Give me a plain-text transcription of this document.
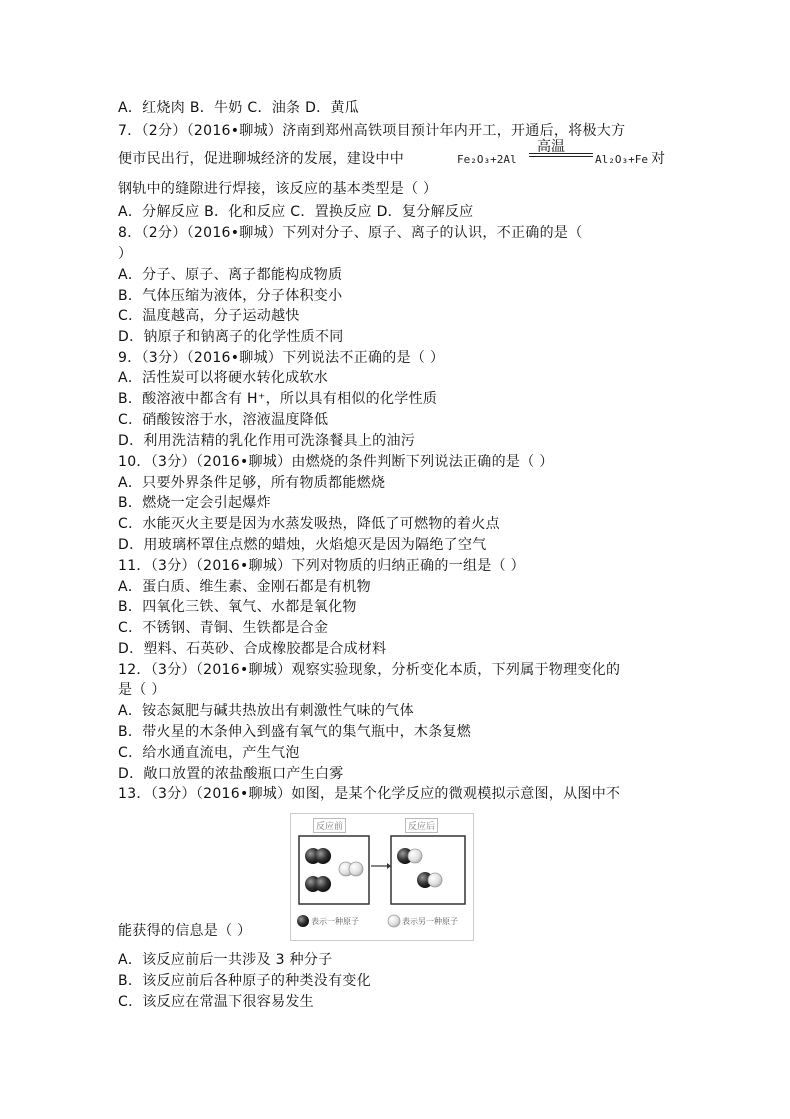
A．红烧肉 B．牛奶 C．油条 D．黄瓜
7．（2分）（2016•聊城）济南到郑州高铁项目预计年内开工，开通后，将极大方
便市民出行，促进聊城经济的发展，建设中中
钢轨中的缝隙进行焊接，该反应的基本类型是（ ）
A．分解反应 B．化和反应 C．置换反应 D．复分解反应
8．（2分）（2016•聊城）下列对分子、原子、离子的认识，不正确的是（
）
A．分子、原子、离子都能构成物质
B．气体压缩为液体，分子体积变小
C．温度越高，分子运动越快
D．钠原子和钠离子的化学性质不同
9．（3分）（2016•聊城）下列说法不正确的是（ ）
A．活性炭可以将硬水转化成软水
B．酸溶液中都含有 H⁺，所以具有相似的化学性质
C．硝酸铵溶于水，溶液温度降低
D．利用洗洁精的乳化作用可洗涤餐具上的油污
10．（3分）（2016•聊城）由燃烧的条件判断下列说法正确的是（ ）
A．只要外界条件足够，所有物质都能燃烧
B．燃烧一定会引起爆炸
C．水能灭火主要是因为水蒸发吸热，降低了可燃物的着火点
D．用玻璃杯罩住点燃的蜡烛，火焰熄灭是因为隔绝了空气
11．（3分）（2016•聊城）下列对物质的归纳正确的一组是（ ）
A．蛋白质、维生素、金刚石都是有机物
B．四氧化三铁、氧气、水都是氧化物
C．不锈钢、青铜、生铁都是合金
D．塑料、石英砂、合成橡胶都是合成材料
12．（3分）（2016•聊城）观察实验现象，分析变化本质，下列属于物理变化的
是（ ）
A．铵态氮肥与碱共热放出有刺激性气味的气体
B．带火星的木条伸入到盛有氧气的集气瓶中，木条复燃
C．给水通直流电，产生气泡
D．敞口放置的浓盐酸瓶口产生白雾
13．（3分）（2016•聊城）如图，是某个化学反应的微观模拟示意图，从图中不
能获得的信息是（ ）
A．该反应前后一共涉及 3 种分子
B．该反应前后各种原子的种类没有变化
C．该反应在常温下很容易发生
Fe₂O₃+2Al
高温
Al₂O₃+Fe 对
反应前	反应后
表示一种原子	表示另一种原子
